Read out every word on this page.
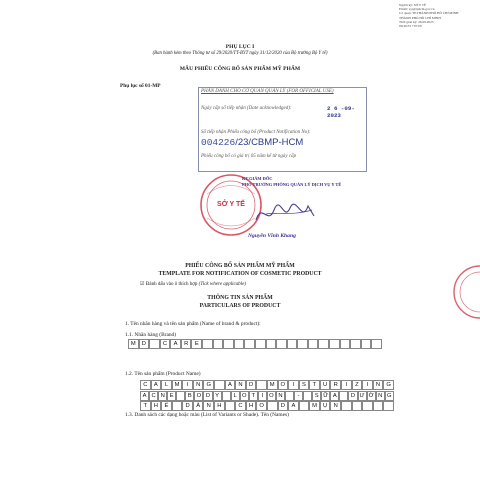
Người ký: SỞ Y TẾ
Email: syt@tphcm.gov.vn
Cơ quan: TP.THÀNH PHỐ HỒ CHÍ MINH
THÀNH PHỐ HỒ CHÍ MINH
Thời gian ký: 26.09.2023
09:49:33 +07:00
PHỤ LỤC I
(Ban hành kèm theo Thông tư số 29/2020/TT-BYT ngày 31/12/2020 của Bộ trưởng Bộ Y tế)
MẪU PHIẾU CÔNG BỐ SẢN PHẨM MỸ PHẨM
Phụ lục số 01-MP
PHẦN DÀNH CHO CƠ QUAN QUẢN LÝ (FOR OFFICIAL USE)
Ngày cấp số tiếp nhận (Date acknowledged):	2 6 -09- 2023
Số tiếp nhận Phiếu công bố (Product Notification No):
004226/23/CBMP-HCM
Phiếu công bố có giá trị 05 năm kể từ ngày cấp
SỞ Y TẾ
KT.GIÁM ĐỐC
PHÓ TRƯỞNG PHÒNG QUẢN LÝ DỊCH VỤ Y TẾ
Nguyễn Vĩnh Khang
PHIẾU CÔNG BỐ SẢN PHẨM MỸ PHẨM
TEMPLATE FOR NOTIFICATION OF COSMETIC PRODUCT
☑ Đánh dấu vào ô thích hợp (Tick where applicable)
THÔNG TIN SẢN PHẨM
PARTICULARS OF PRODUCT
1. Tên nhãn hàng và tên sản phẩm (Name of brand & product):
1.1. Nhãn hàng (Brand)
M	D	C	A	R	E
1.2. Tên sản phẩm (Product Name)
C	A	L	M	I	N	G	A	N	D	M	O	I	S	T	U	R	I	Z	I	N	G
A C N E	B O D Y	L O T	I	O N	-	S Ữ A	D Ư Ờ N G
T	H	Ể	D	À	N	H	C	H	O	D	A	M	Ụ	N
1.3. Danh sách các dạng hoặc màu (List of Variants or Shade). Tên (Names)
